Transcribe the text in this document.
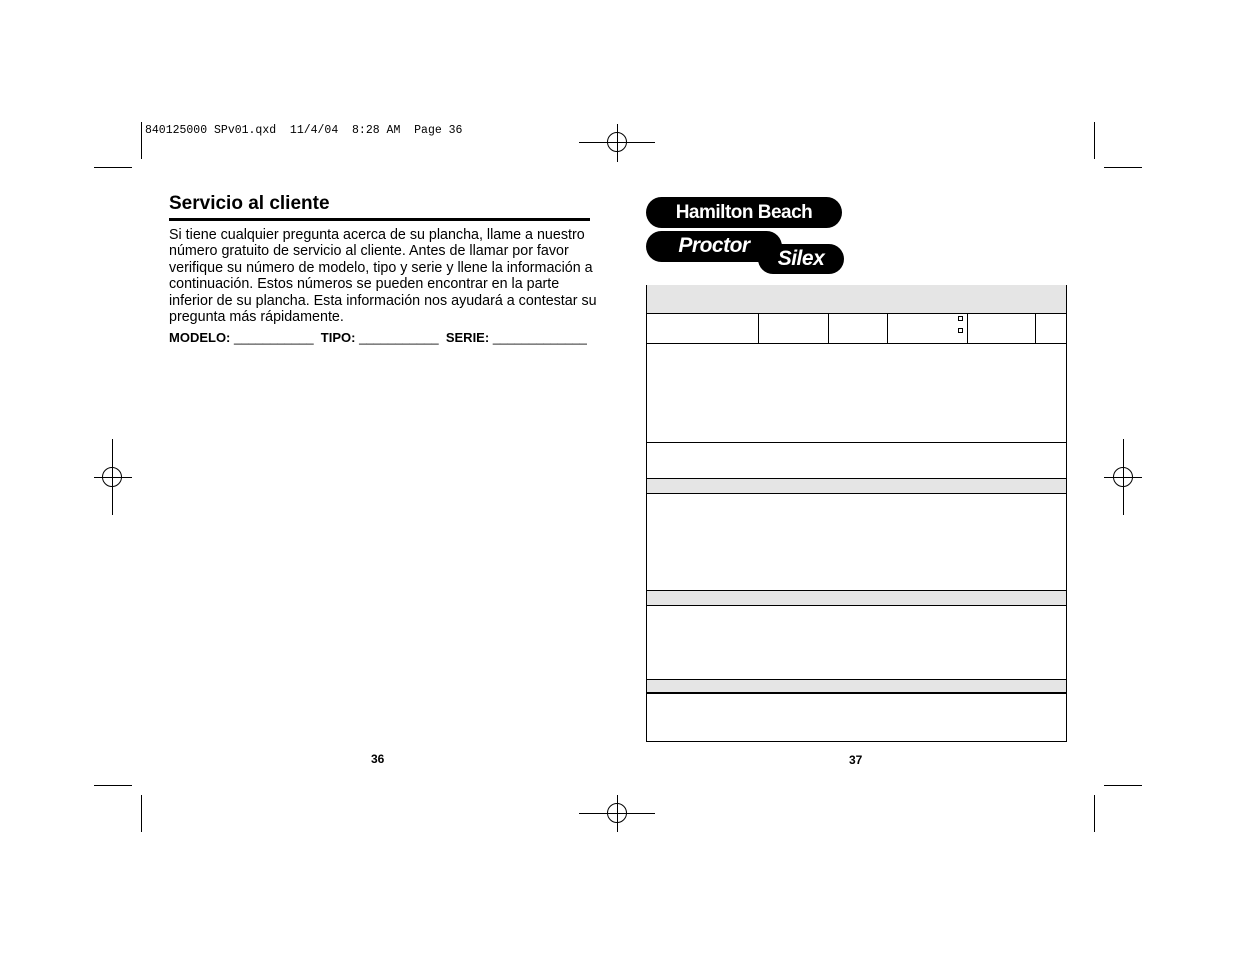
840125000 SPv01.qxd  11/4/04  8:28 AM  Page 36
Servicio al cliente
Si tiene cualquier pregunta acerca de su plancha, llame a nuestro número gratuito de servicio al cliente. Antes de llamar por favor verifique su número de modelo, tipo y serie y llene la información a continuación. Estos números se pueden encontrar en la parte inferior de su plancha. Esta información nos ayudará a contestar su pregunta más rápidamente.
MODELO: ___________ TIPO: ___________ SERIE: _____________
36
Hamilton Beach
Proctor
Silex
37
